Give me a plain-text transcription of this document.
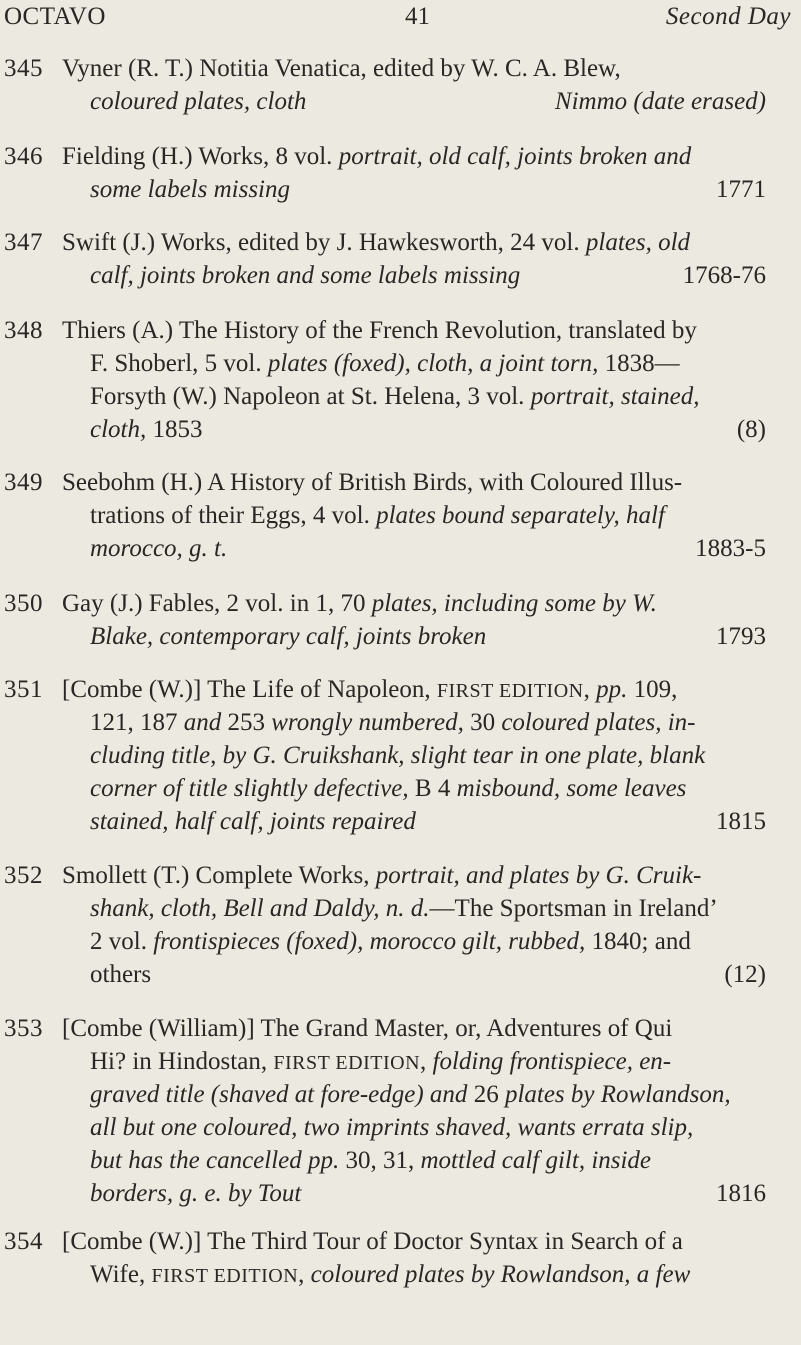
OCTAVO	41	Second Day
345 Vyner (R. T.) Notitia Venatica, edited by W. C. A. Blew,
coloured plates, cloth	Nimmo (date erased)
346 Fielding (H.) Works, 8 vol. portrait, old calf, joints broken and
some labels missing	1771
347 Swift (J.) Works, edited by J. Hawkesworth, 24 vol. plates, old
calf, joints broken and some labels missing	1768-76
348 Thiers (A.) The History of the French Revolution, translated by
F. Shoberl, 5 vol. plates (foxed), cloth, a joint torn, 1838—
Forsyth (W.) Napoleon at St. Helena, 3 vol. portrait, stained,
cloth, 1853	(8)
349 Seebohm (H.) A History of British Birds, with Coloured Illus-
trations of their Eggs, 4 vol. plates bound separately, half
morocco, g. t.	1883-5
350 Gay (J.) Fables, 2 vol. in 1, 70 plates, including some by W.
Blake, contemporary calf, joints broken	1793
351 [Combe (W.)] The Life of Napoleon, FIRST EDITION, pp. 109,
121, 187 and 253 wrongly numbered, 30 coloured plates, in-
cluding title, by G. Cruikshank, slight tear in one plate, blank
corner of title slightly defective, B 4 misbound, some leaves
stained, half calf, joints repaired	1815
352 Smollett (T.) Complete Works, portrait, and plates by G. Cruik-
shank, cloth, Bell and Daldy, n. d.—The Sportsman in Ireland’
2 vol. frontispieces (foxed), morocco gilt, rubbed, 1840; and
others	(12)
353 [Combe (William)] The Grand Master, or, Adventures of Qui
Hi? in Hindostan, FIRST EDITION, folding frontispiece, en-
graved title (shaved at fore-edge) and 26 plates by Rowlandson,
all but one coloured, two imprints shaved, wants errata slip,
but has the cancelled pp. 30, 31, mottled calf gilt, inside
borders, g. e. by Tout	1816
354 [Combe (W.)] The Third Tour of Doctor Syntax in Search of a
Wife, FIRST EDITION, coloured plates by Rowlandson, a few
